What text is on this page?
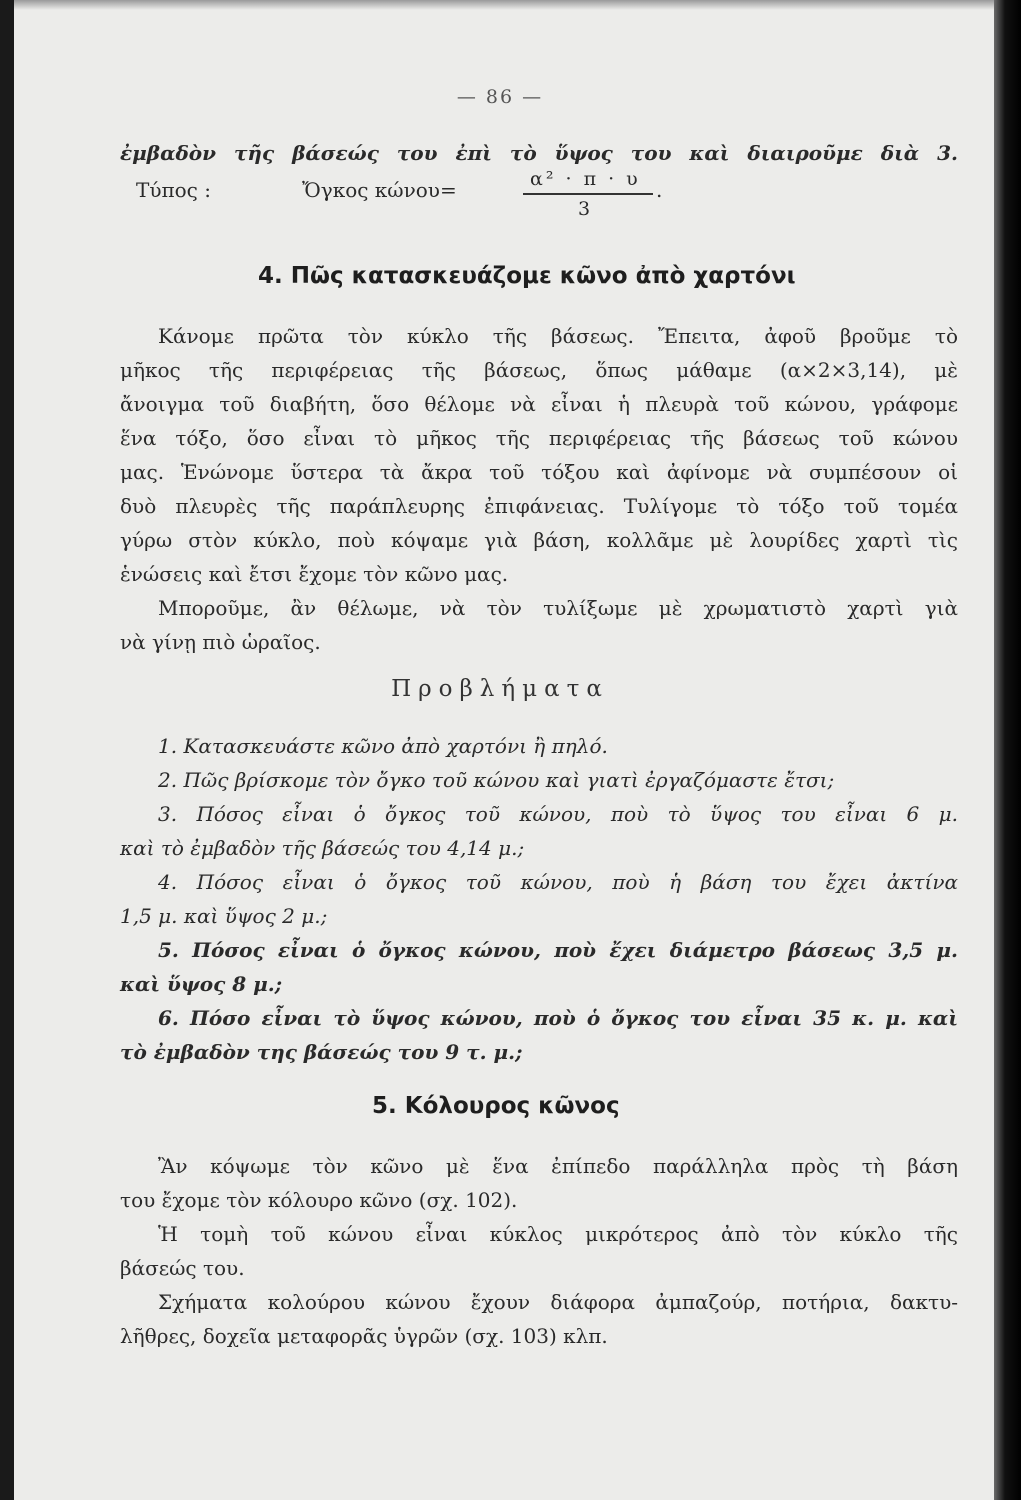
— 86 —
ἐμβαδὸν τῆς βάσεώς του ἐπὶ τὸ ὕψος του καὶ διαιροῦμε διὰ 3.
Τύπος :	Ὄγκος κώνου=	α² · π · υ
3
.
4. Πῶς κατασκευάζομε κῶνο ἀπὸ χαρτόνι
Κάνομε πρῶτα τὸν κύκλο τῆς βάσεως. Ἔπειτα, ἀφοῦ βροῦμε τὸ
μῆκος τῆς περιφέρειας τῆς βάσεως, ὅπως μάθαμε (α×2×3,14), μὲ
ἄνοιγμα τοῦ διαβήτη, ὅσο θέλομε νὰ εἶναι ἡ πλευρὰ τοῦ κώνου, γράφομε
ἕνα τόξο, ὅσο εἶναι τὸ μῆκος τῆς περιφέρειας τῆς βάσεως τοῦ κώνου
μας. Ἑνώνομε ὕστερα τὰ ἄκρα τοῦ τόξου καὶ ἀφίνομε νὰ συμπέσουν οἱ
δυὸ πλευρὲς τῆς παράπλευρης ἐπιφάνειας. Τυλίγομε τὸ τόξο τοῦ τομέα
γύρω στὸν κύκλο, ποὺ κόψαμε γιὰ βάση, κολλᾶμε μὲ λουρίδες χαρτὶ τὶς
ἑνώσεις καὶ ἔτσι ἔχομε τὸν κῶνο μας.
Μποροῦμε, ἂν θέλωμε, νὰ τὸν τυλίξωμε μὲ χρωματιστὸ χαρτὶ γιὰ
νὰ γίνῃ πιὸ ὡραῖος.
Προβλήματα
1. Κατασκευάστε κῶνο ἀπὸ χαρτόνι ἢ πηλό.
2. Πῶς βρίσκομε τὸν ὄγκο τοῦ κώνου καὶ γιατὶ ἐργαζόμαστε ἔτσι;
3. Πόσος εἶναι ὁ ὄγκος τοῦ κώνου, ποὺ τὸ ὕψος του εἶναι 6 μ.
καὶ τὸ ἐμβαδὸν τῆς βάσεώς του 4,14 μ.;
4. Πόσος εἶναι ὁ ὄγκος τοῦ κώνου, ποὺ ἡ βάση του ἔχει ἀκτίνα
1,5 μ. καὶ ὕψος 2 μ.;
5. Πόσος εἶναι ὁ ὄγκος κώνου, ποὺ ἔχει διάμετρο βάσεως 3,5 μ.
καὶ ὕψος 8 μ.;
6. Πόσο εἶναι τὸ ὕψος κώνου, ποὺ ὁ ὄγκος του εἶναι 35 κ. μ. καὶ
τὸ ἐμβαδὸν της βάσεώς του 9 τ. μ.;
5. Κόλουρος κῶνος
Ἂν κόψωμε τὸν κῶνο μὲ ἕνα ἐπίπεδο παράλληλα πρὸς τὴ βάση
του ἔχομε τὸν κόλουρο κῶνο (σχ. 102).
Ἡ τομὴ τοῦ κώνου εἶναι κύκλος μικρότερος ἀπὸ τὸν κύκλο τῆς
βάσεώς του.
Σχήματα κολούρου κώνου ἔχουν διάφορα ἀμπαζούρ, ποτήρια, δακτυ-
λῆθρες, δοχεῖα μεταφορᾶς ὑγρῶν (σχ. 103) κλπ.
